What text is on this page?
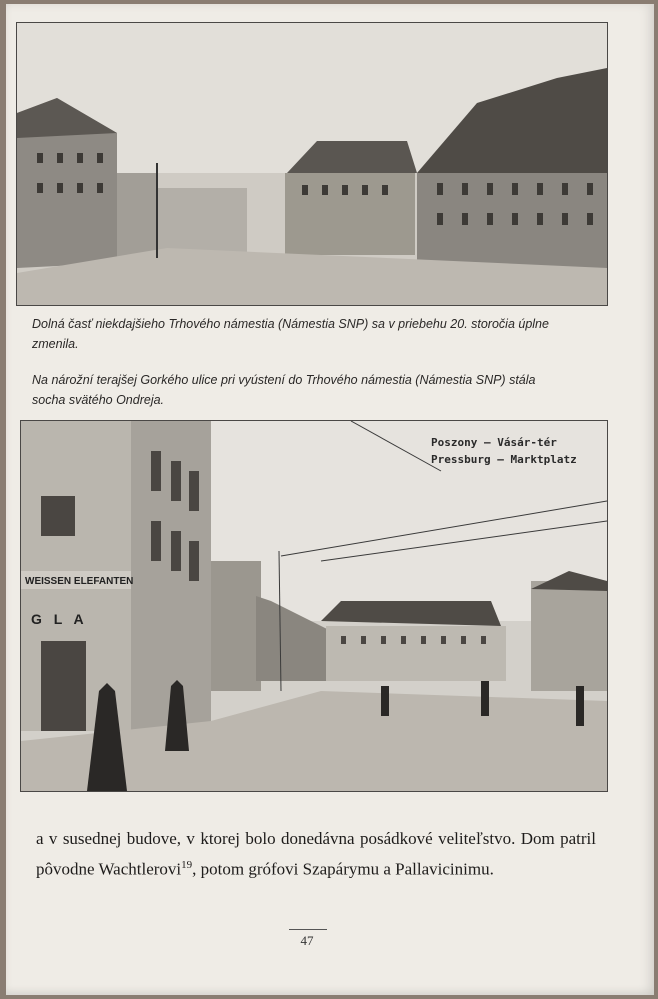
Dolná časť niekdajšieho Trhového námestia (Námestia SNP) sa v priebehu 20. storočia úplne zmenila.
Na nárožní terajšej Gorkého ulice pri vyústení do Trhového námestia (Námestia SNP) stála socha svätého Ondreja.
WEISSEN ELEFANTEN
G L A
Poszony — Vásár-tér
Pressburg — Marktplatz
a v susednej budove, v ktorej bolo donedávna posádkové veliteľstvo. Dom patril pôvodne Wachtlerovi$^{19}$, potom grófovi Szapárymu a Pallavicinimu.
47
